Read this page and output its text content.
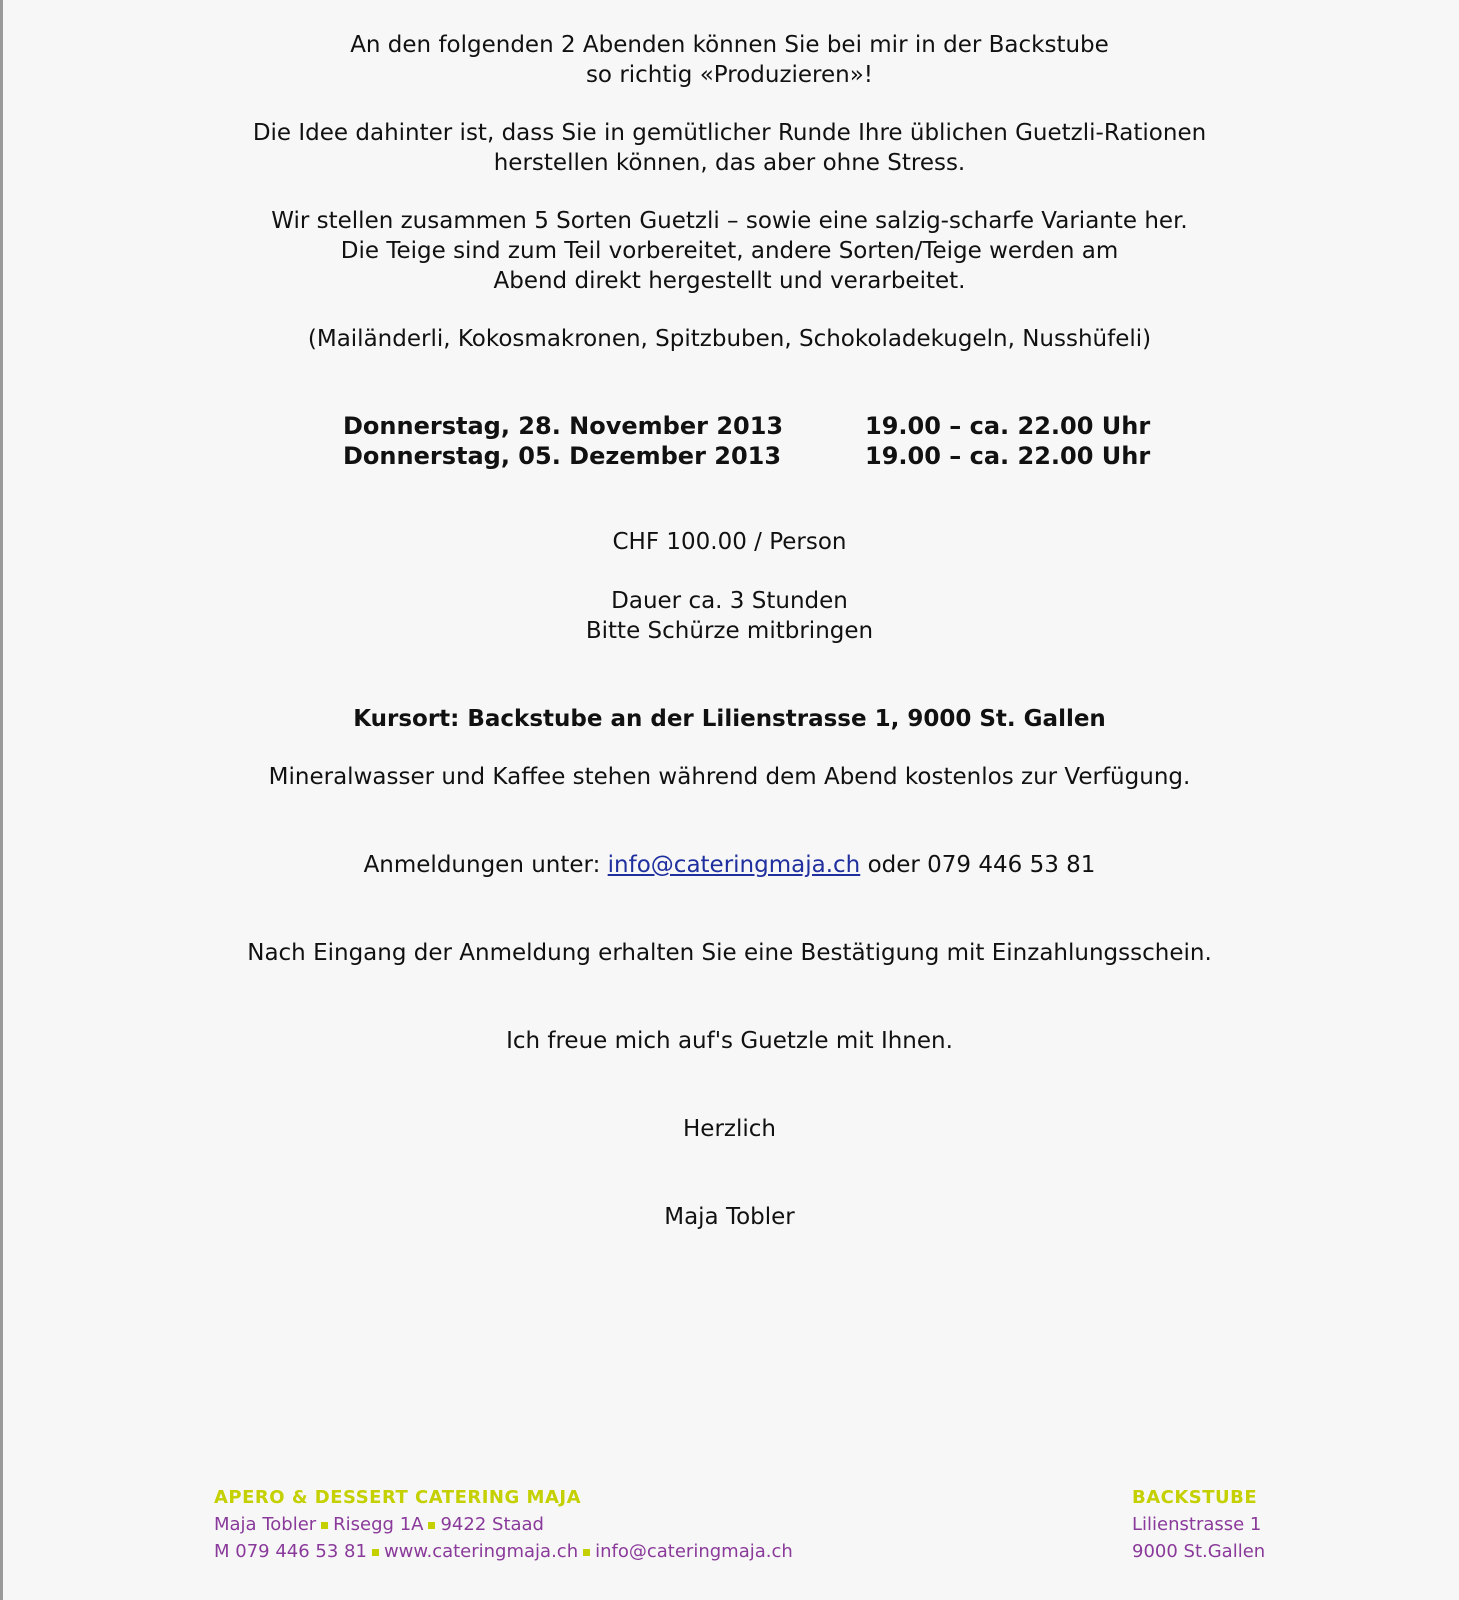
An den folgenden 2 Abenden können Sie bei mir in der Backstube
so richtig «Produzieren»!
Die Idee dahinter ist, dass Sie in gemütlicher Runde Ihre üblichen Guetzli-Rationen
herstellen können, das aber ohne Stress.
Wir stellen zusammen 5 Sorten Guetzli – sowie eine salzig-scharfe Variante her.
Die Teige sind zum Teil vorbereitet, andere Sorten/Teige werden am
Abend direkt hergestellt und verarbeitet.
(Mailänderli, Kokosmakronen, Spitzbuben, Schokoladekugeln, Nusshüfeli)
Donnerstag, 28. November 2013	19.00 – ca. 22.00 Uhr
Donnerstag, 05. Dezember 2013	19.00 – ca. 22.00 Uhr
CHF 100.00 / Person
Dauer ca. 3 Stunden
Bitte Schürze mitbringen
Kursort: Backstube an der Lilienstrasse 1, 9000 St. Gallen
Mineralwasser und Kaffee stehen während dem Abend kostenlos zur Verfügung.
Anmeldungen unter: info@cateringmaja.ch oder 079 446 53 81
Nach Eingang der Anmeldung erhalten Sie eine Bestätigung mit Einzahlungsschein.
Ich freue mich auf's Guetzle mit Ihnen.
Herzlich
Maja Tobler
APERO & DESSERT CATERING MAJA
Maja Tobler Risegg 1A 9422 Staad
M 079 446 53 81 www.cateringmaja.ch info@cateringmaja.ch
BACKSTUBE
Lilienstrasse 1
9000 St.Gallen
